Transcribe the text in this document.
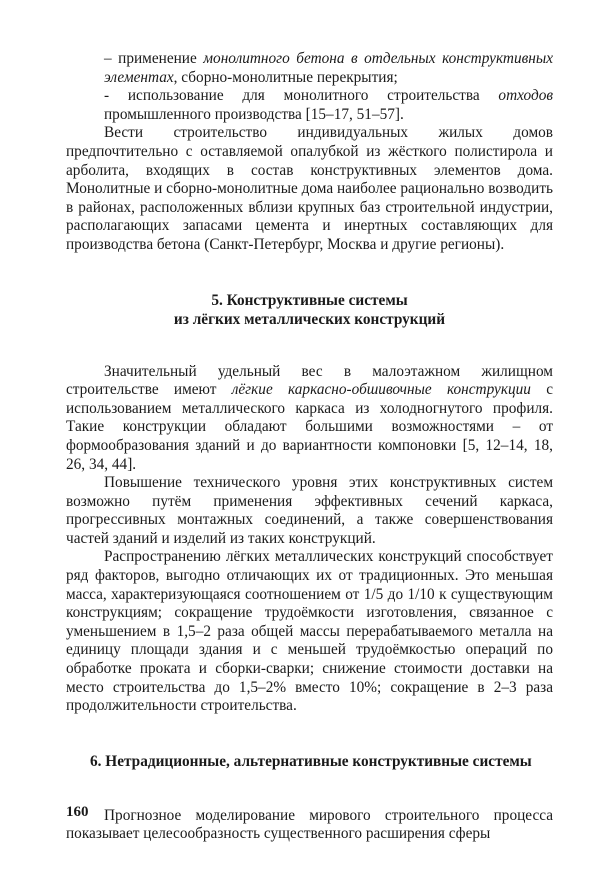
– применение монолитного бетона в отдельных конструктивных элементах, сборно-монолитные перекрытия;

- использование для монолитного строительства отходов промышленного производства [15–17, 51–57].

Вести строительство индивидуальных жилых домов предпочтительно с оставляемой опалубкой из жёсткого полистирола и арболита, входящих в состав конструктивных элементов дома. Монолитные и сборно-монолитные дома наиболее рационально возводить в районах, расположенных вблизи крупных баз строительной индустрии, располагающих запасами цемента и инертных составляющих для производства бетона (Санкт-Петербург, Москва и другие регионы).

5. Конструктивные системы
из лёгких металлических конструкций

Значительный удельный вес в малоэтажном жилищном строительстве имеют лёгкие каркасно-обшивочные конструкции с использованием металлического каркаса из холодногнутого профиля. Такие конструкции обладают большими возможностями – от формообразования зданий и до вариантности компоновки [5, 12–14, 18, 26, 34, 44].

Повышение технического уровня этих конструктивных систем возможно путём применения эффективных сечений каркаса, прогрессивных монтажных соединений, а также совершенствования частей зданий и изделий из таких конструкций.

Распространению лёгких металлических конструкций способствует ряд факторов, выгодно отличающих их от традиционных. Это меньшая масса, характеризующаяся соотношением от 1/5 до 1/10 к существующим конструкциям; сокращение трудоёмкости изготовления, связанное с уменьшением в 1,5–2 раза общей массы перерабатываемого металла на единицу площади здания и с меньшей трудоёмкостью операций по обработке проката и сборки-сварки; снижение стоимости доставки на место строительства до 1,5–2% вместо 10%; сокращение в 2–3 раза продолжительности строительства.

6. Нетрадиционные, альтернативные конструктивные системы

Прогнозное моделирование мирового строительного процесса показывает целесообразность существенного расширения сферы

160
